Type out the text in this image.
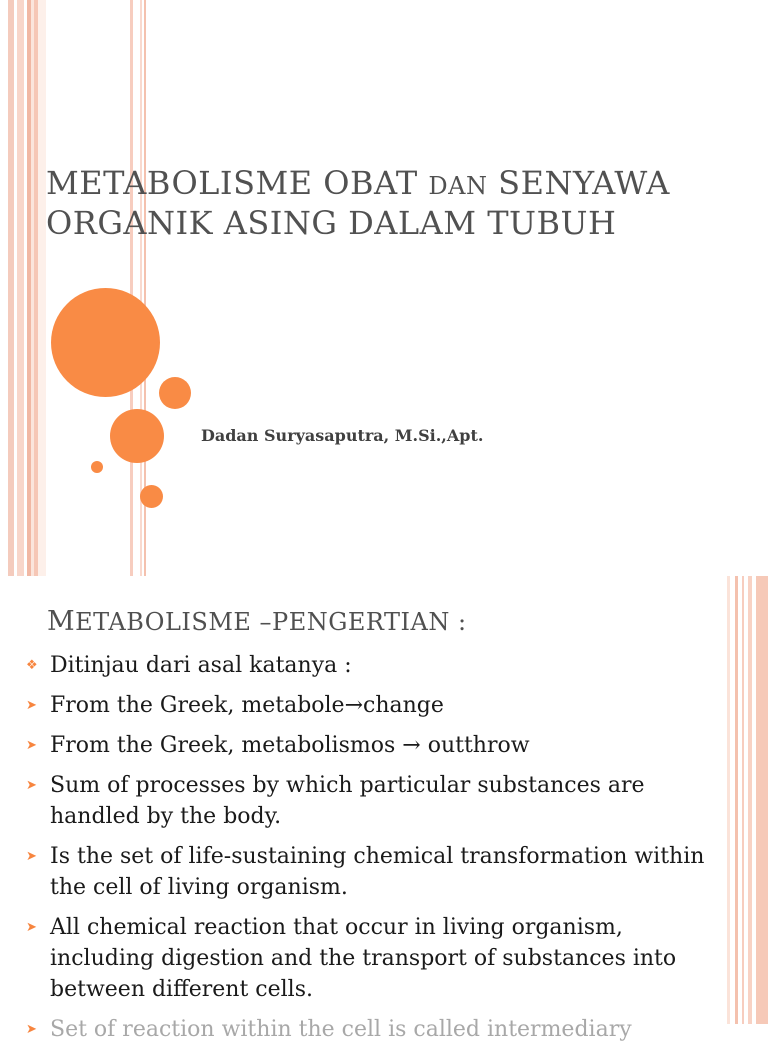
METABOLISME OBAT DAN SENYAWA
ORGANIK ASING DALAM TUBUH
Dadan Suryasaputra, M.Si.,Apt.
METABOLISME –PENGERTIAN :
❖ Ditinjau dari asal katanya :
➤ From the Greek, metabole→change
➤ From the Greek, metabolismos → outthrow
➤ Sum of processes by which particular substances are handled by the body.
➤ Is the set of life-sustaining chemical transformation within the cell of living organism.
➤ All chemical reaction that occur in living organism, including digestion and the transport of substances into between different cells.
➤ Set of reaction within the cell is called intermediary
